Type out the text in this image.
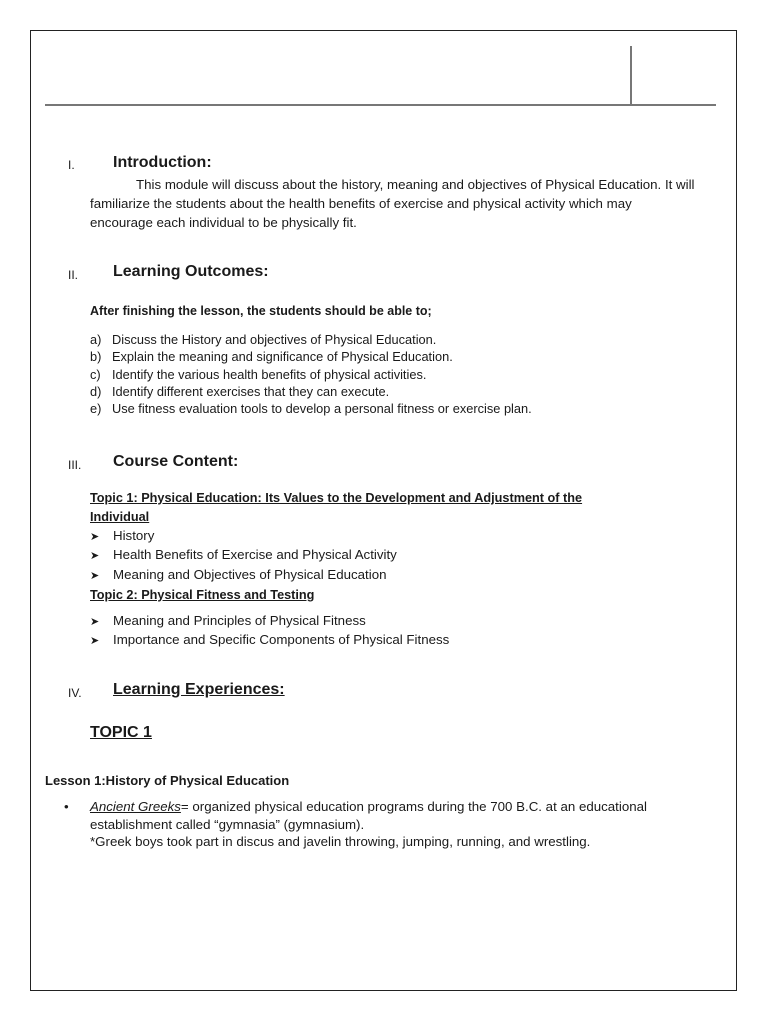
I. Introduction:
This module will discuss about the history, meaning and objectives of Physical Education. It will familiarize the students about the health benefits of exercise and physical activity which may encourage each individual to be physically fit.
II. Learning Outcomes:
After finishing the lesson, the students should be able to;
a) Discuss the History and objectives of Physical Education.
b) Explain the meaning and significance of Physical Education.
c) Identify the various health benefits of physical activities.
d) Identify different exercises that they can execute.
e) Use fitness evaluation tools to develop a personal fitness or exercise plan.
III. Course Content:
Topic 1: Physical Education: Its Values to the Development and Adjustment of the
Individual
➤ History
➤ Health Benefits of Exercise and Physical Activity
➤ Meaning and Objectives of Physical Education
Topic 2: Physical Fitness and Testing
➤ Meaning and Principles of Physical Fitness
➤ Importance and Specific Components of Physical Fitness
IV. Learning Experiences:
TOPIC 1
Lesson 1:History of Physical Education
• Ancient Greeks= organized physical education programs during the 700 B.C. at an educational establishment called “gymnasia” (gymnasium).
*Greek boys took part in discus and javelin throwing, jumping, running, and wrestling.
